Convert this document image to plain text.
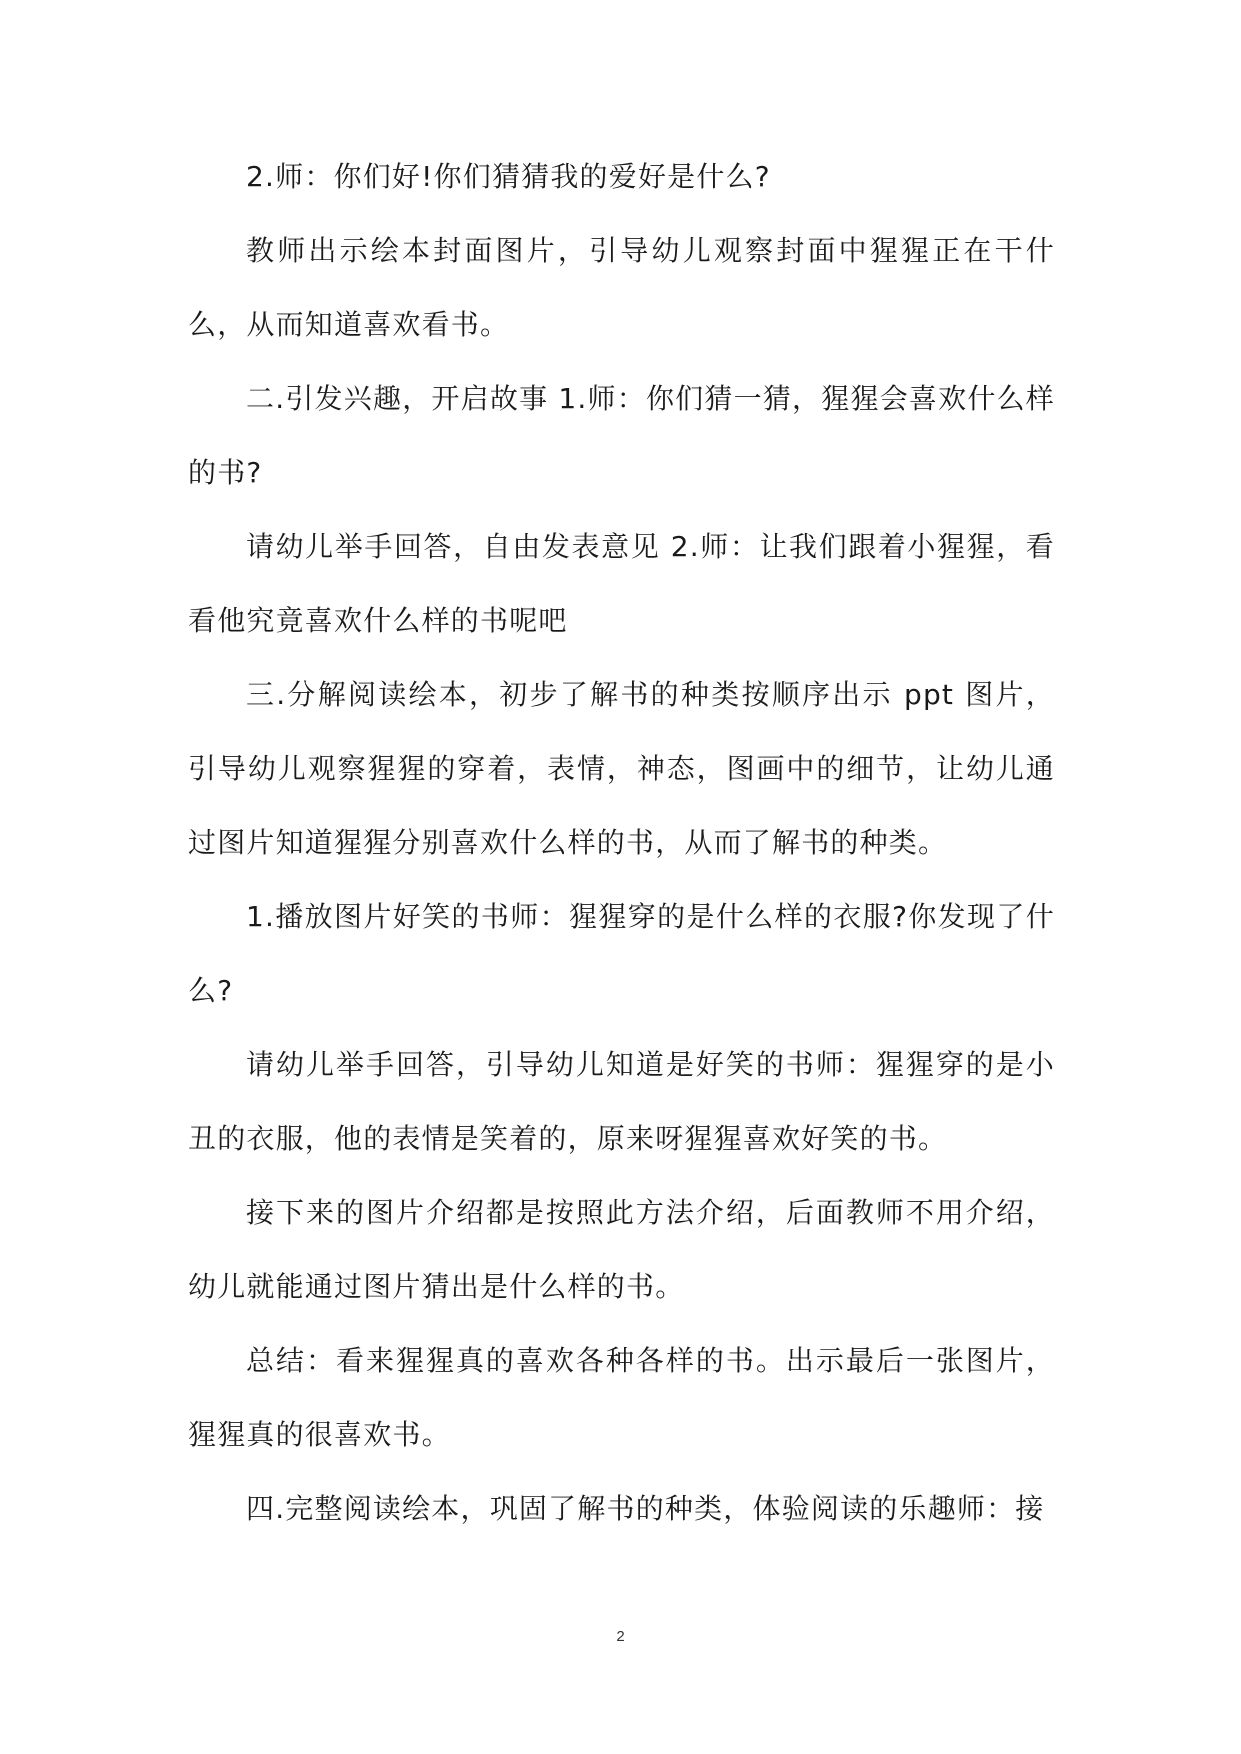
2.师：你们好!你们猜猜我的爱好是什么?

教师出示绘本封面图片，引导幼儿观察封面中猩猩正在干什么，从而知道喜欢看书。

二.引发兴趣，开启故事 1.师：你们猜一猜，猩猩会喜欢什么样的书?

请幼儿举手回答，自由发表意见 2.师：让我们跟着小猩猩，看看他究竟喜欢什么样的书呢吧

三.分解阅读绘本，初步了解书的种类按顺序出示 ppt 图片，引导幼儿观察猩猩的穿着，表情，神态，图画中的细节，让幼儿通过图片知道猩猩分别喜欢什么样的书，从而了解书的种类。

1.播放图片好笑的书师：猩猩穿的是什么样的衣服?你发现了什么?

请幼儿举手回答，引导幼儿知道是好笑的书师：猩猩穿的是小丑的衣服，他的表情是笑着的，原来呀猩猩喜欢好笑的书。

接下来的图片介绍都是按照此方法介绍，后面教师不用介绍，幼儿就能通过图片猜出是什么样的书。

总结：看来猩猩真的喜欢各种各样的书。出示最后一张图片，猩猩真的很喜欢书。

四.完整阅读绘本，巩固了解书的种类，体验阅读的乐趣师：接

2
